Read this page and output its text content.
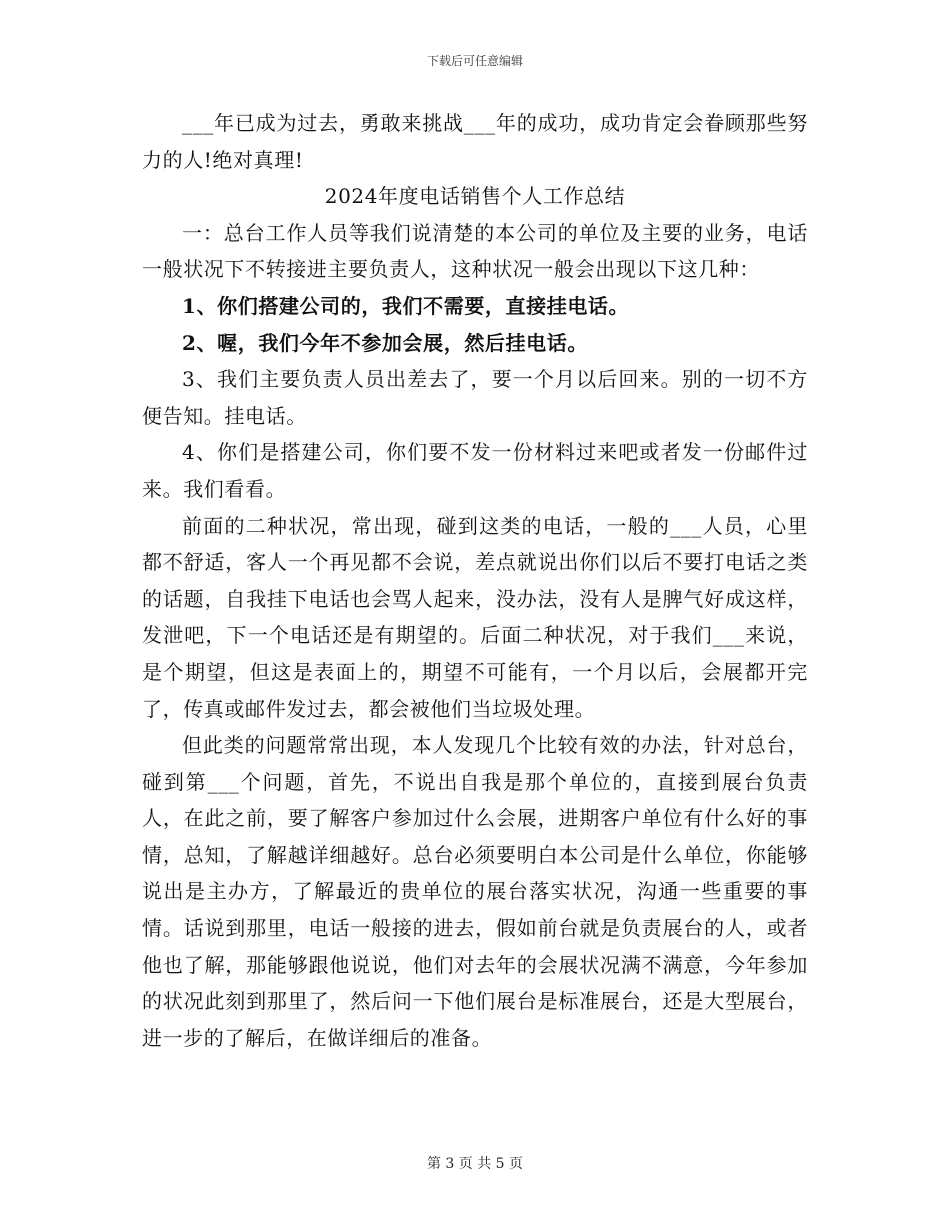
下载后可任意编辑

___年已成为过去，勇敢来挑战___年的成功，成功肯定会眷顾那些努力的人!绝对真理!

2024年度电话销售个人工作总结

一：总台工作人员等我们说清楚的本公司的单位及主要的业务，电话一般状况下不转接进主要负责人，这种状况一般会出现以下这几种：

1、你们搭建公司的，我们不需要，直接挂电话。

2、喔，我们今年不参加会展，然后挂电话。

3、我们主要负责人员出差去了，要一个月以后回来。别的一切不方便告知。挂电话。

4、你们是搭建公司，你们要不发一份材料过来吧或者发一份邮件过来。我们看看。

前面的二种状况，常出现，碰到这类的电话，一般的___人员，心里都不舒适，客人一个再见都不会说，差点就说出你们以后不要打电话之类的话题，自我挂下电话也会骂人起来，没办法，没有人是脾气好成这样，发泄吧，下一个电话还是有期望的。后面二种状况，对于我们___来说，是个期望，但这是表面上的，期望不可能有，一个月以后，会展都开完了，传真或邮件发过去，都会被他们当垃圾处理。

但此类的问题常常出现，本人发现几个比较有效的办法，针对总台，碰到第___个问题，首先，不说出自我是那个单位的，直接到展台负责人，在此之前，要了解客户参加过什么会展，进期客户单位有什么好的事情，总知，了解越详细越好。总台必须要明白本公司是什么单位，你能够说出是主办方，了解最近的贵单位的展台落实状况，沟通一些重要的事情。话说到那里，电话一般接的进去，假如前台就是负责展台的人，或者他也了解，那能够跟他说说，他们对去年的会展状况满不满意，今年参加的状况此刻到那里了，然后问一下他们展台是标准展台，还是大型展台，进一步的了解后，在做详细后的准备。

第 3 页 共 5 页
